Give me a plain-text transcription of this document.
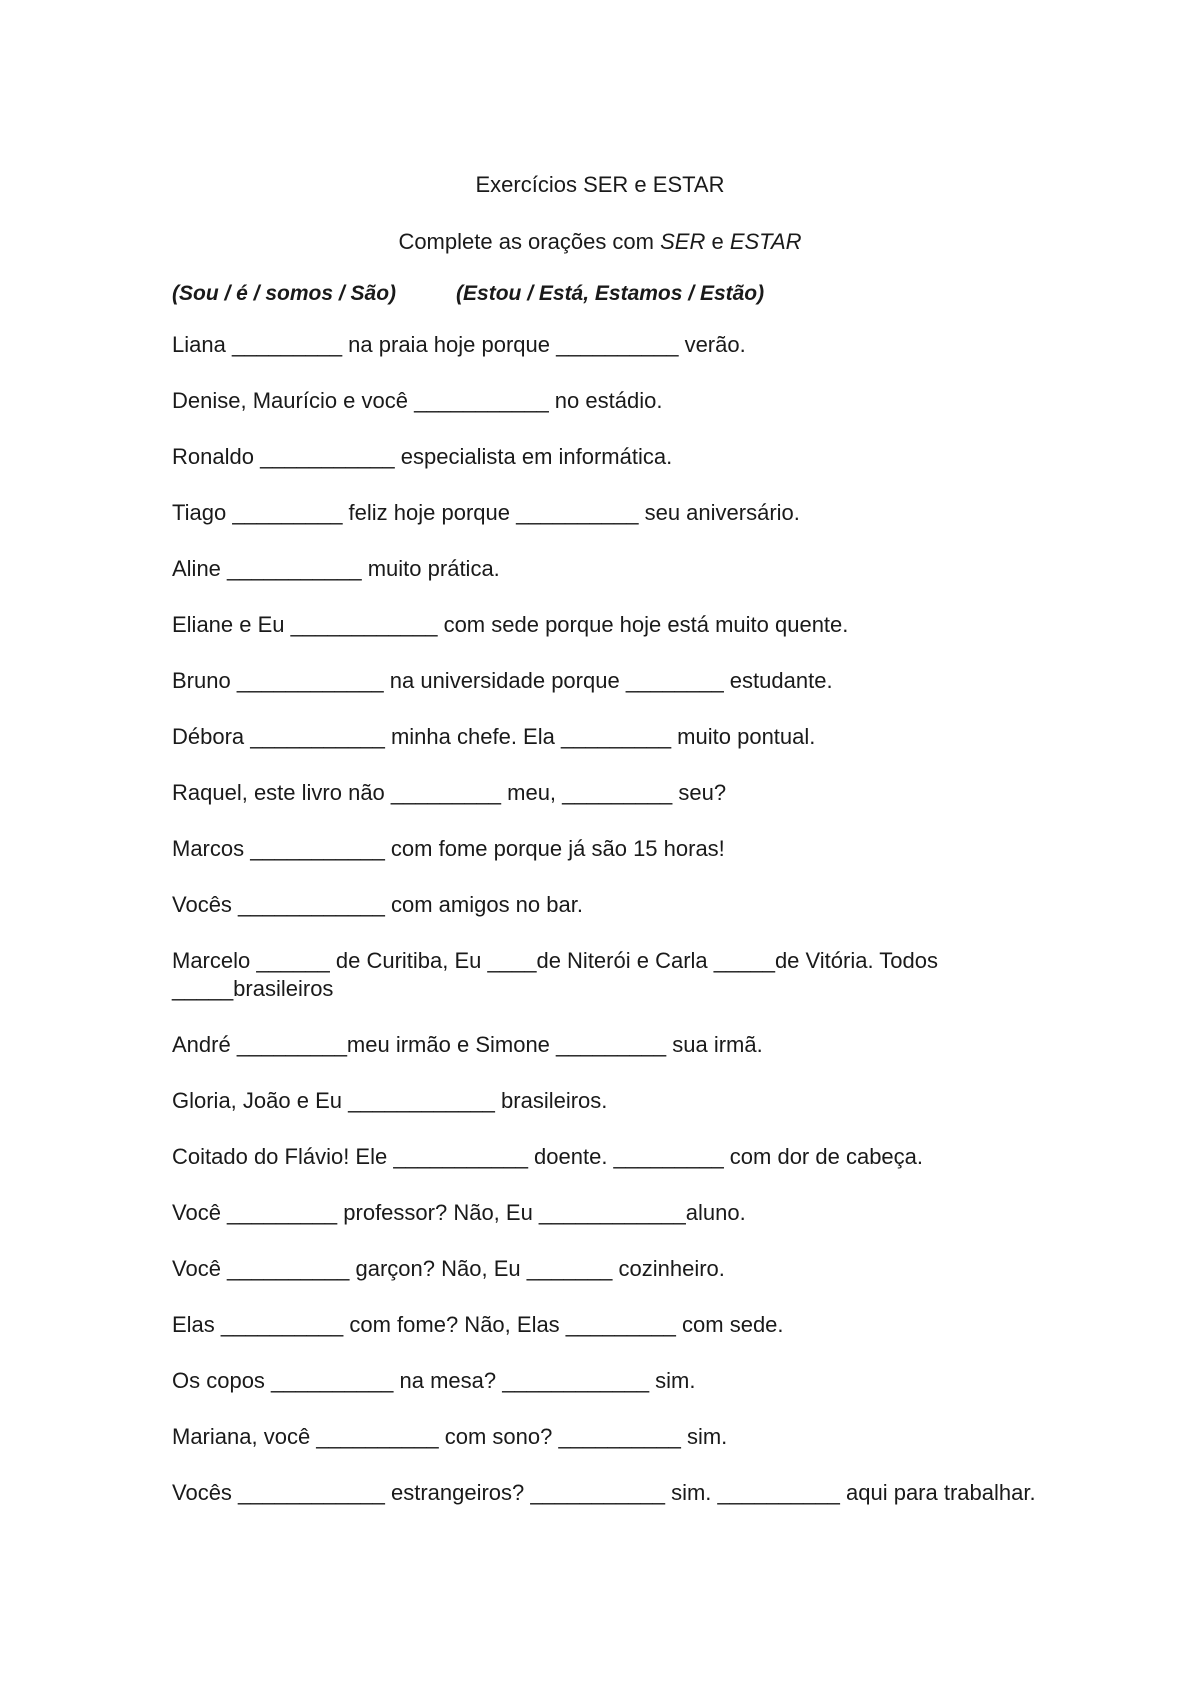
Exercícios SER e ESTAR
Complete as orações com SER e ESTAR
(Sou / é / somos / São)	(Estou / Está, Estamos / Estão)
Liana _________ na praia hoje porque __________ verão.
Denise, Maurício e você ___________ no estádio.
Ronaldo ___________ especialista em informática.
Tiago _________ feliz hoje porque __________ seu aniversário.
Aline ___________ muito prática.
Eliane e Eu ____________ com sede porque hoje está muito quente.
Bruno ____________ na universidade porque ________ estudante.
Débora ___________ minha chefe. Ela _________ muito pontual.
Raquel, este livro não _________ meu, _________ seu?
Marcos ___________ com fome porque já são 15 horas!
Vocês ____________ com amigos no bar.
Marcelo ______ de Curitiba, Eu ____de Niterói e Carla _____de Vitória. Todos _____brasileiros
André _________meu irmão e Simone _________ sua irmã.
Gloria, João e Eu ____________ brasileiros.
Coitado do Flávio! Ele ___________ doente. _________ com dor de cabeça.
Você _________ professor? Não, Eu ____________aluno.
Você __________ garçon? Não, Eu _______ cozinheiro.
Elas __________ com fome? Não, Elas _________ com sede.
Os copos __________ na mesa? ____________ sim.
Mariana, você __________ com sono? __________ sim.
Vocês ____________ estrangeiros? ___________ sim. __________ aqui para trabalhar.
